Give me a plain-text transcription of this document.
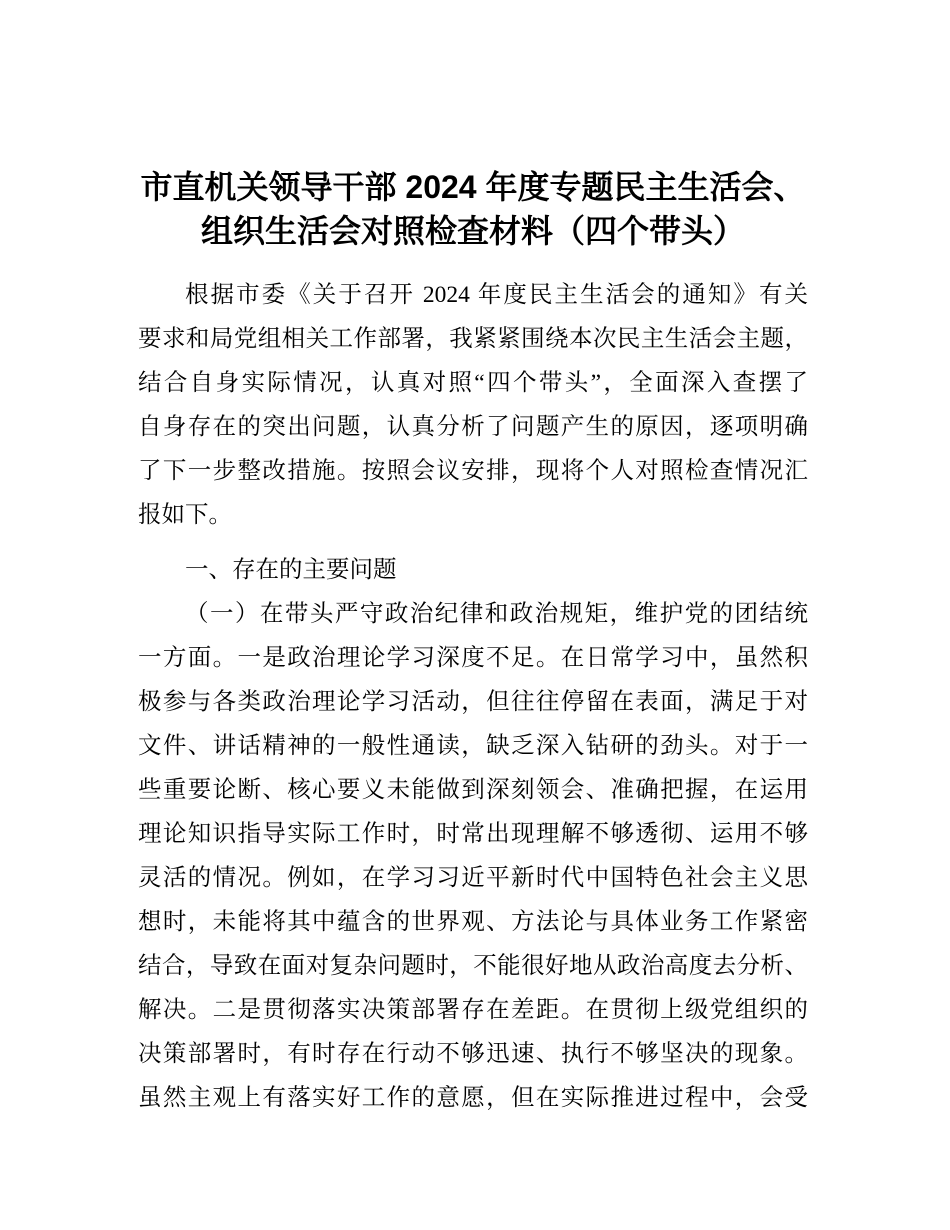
市直机关领导干部 2024 年度专题民主生活会、
组织生活会对照检查材料（四个带头）
根据市委《关于召开 2024 年度民主生活会的通知》有关
要求和局党组相关工作部署，我紧紧围绕本次民主生活会主题，
结合自身实际情况，认真对照“四个带头”，全面深入查摆了
自身存在的突出问题，认真分析了问题产生的原因，逐项明确
了下一步整改措施。按照会议安排，现将个人对照检查情况汇
报如下。
一、存在的主要问题
（一）在带头严守政治纪律和政治规矩，维护党的团结统
一方面。一是政治理论学习深度不足。在日常学习中，虽然积
极参与各类政治理论学习活动，但往往停留在表面，满足于对
文件、讲话精神的一般性通读，缺乏深入钻研的劲头。对于一
些重要论断、核心要义未能做到深刻领会、准确把握，在运用
理论知识指导实际工作时，时常出现理解不够透彻、运用不够
灵活的情况。例如，在学习习近平新时代中国特色社会主义思
想时，未能将其中蕴含的世界观、方法论与具体业务工作紧密
结合，导致在面对复杂问题时，不能很好地从政治高度去分析、
解决。二是贯彻落实决策部署存在差距。在贯彻上级党组织的
决策部署时，有时存在行动不够迅速、执行不够坚决的现象。
虽然主观上有落实好工作的意愿，但在实际推进过程中，会受
